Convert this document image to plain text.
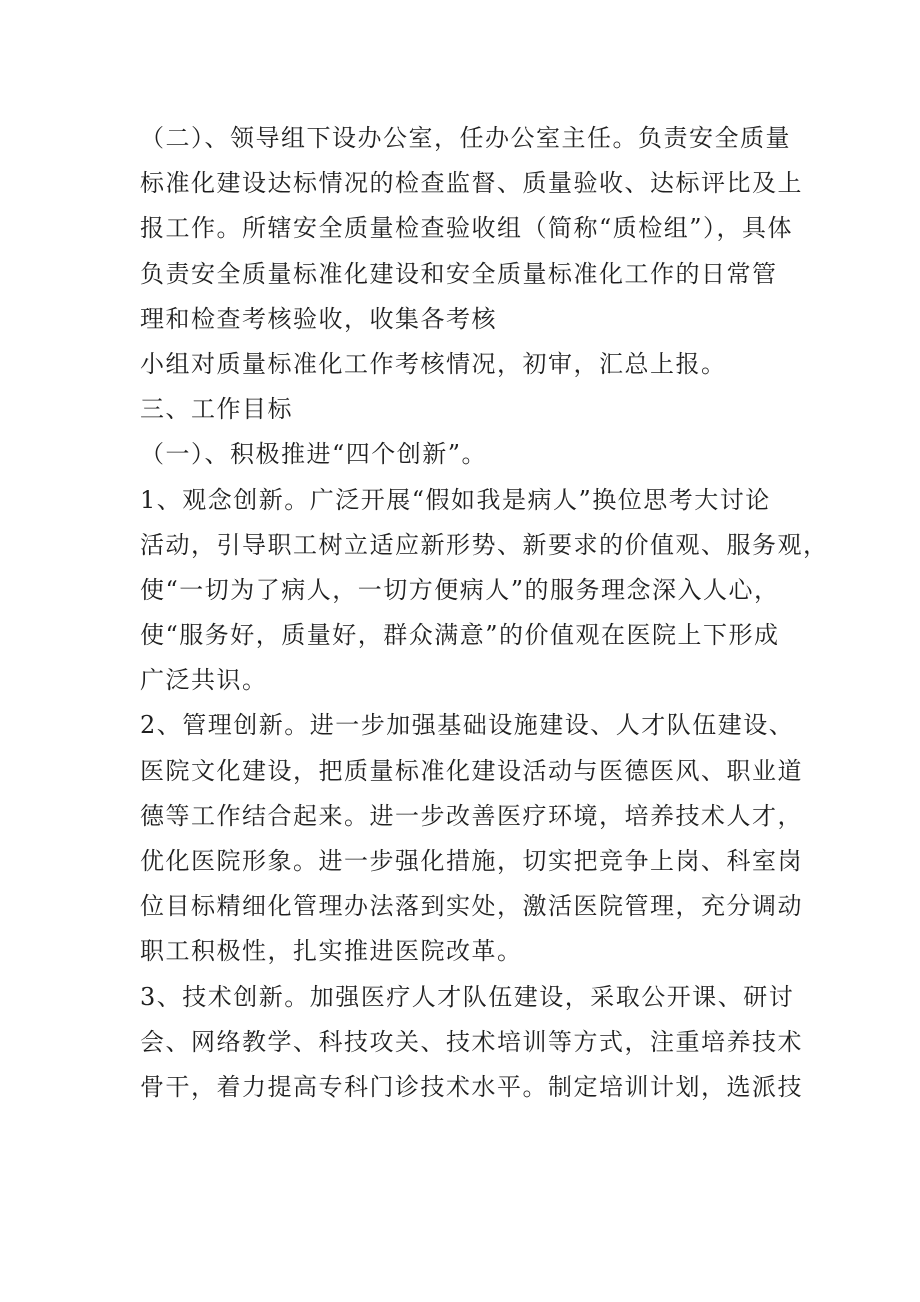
（二）、领导组下设办公室，任办公室主任。负责安全质量
标准化建设达标情况的检查监督、质量验收、达标评比及上
报工作。所辖安全质量检查验收组（简称“质检组”），具体
负责安全质量标准化建设和安全质量标准化工作的日常管
理和检查考核验收，收集各考核
小组对质量标准化工作考核情况，初审，汇总上报。
三、工作目标
（一）、积极推进“四个创新”。
1、观念创新。广泛开展“假如我是病人”换位思考大讨论
活动，引导职工树立适应新形势、新要求的价值观、服务观，
使“一切为了病人，一切方便病人”的服务理念深入人心，
使“服务好，质量好，群众满意”的价值观在医院上下形成
广泛共识。
2、管理创新。进一步加强基础设施建设、人才队伍建设、
医院文化建设，把质量标准化建设活动与医德医风、职业道
德等工作结合起来。进一步改善医疗环境，培养技术人才，
优化医院形象。进一步强化措施，切实把竞争上岗、科室岗
位目标精细化管理办法落到实处，激活医院管理，充分调动
职工积极性，扎实推进医院改革。
3、技术创新。加强医疗人才队伍建设，采取公开课、研讨
会、网络教学、科技攻关、技术培训等方式，注重培养技术
骨干，着力提高专科门诊技术水平。制定培训计划，选派技
